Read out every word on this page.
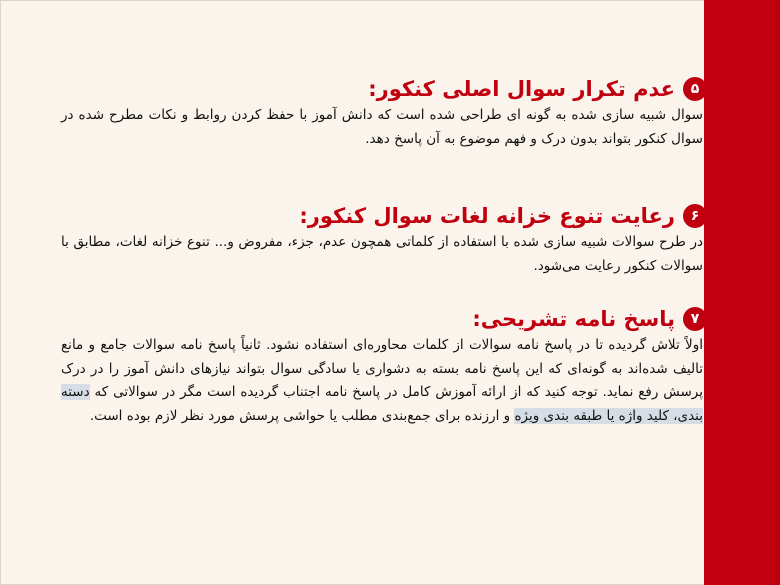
۵
عدم تکرار سوال اصلی کنکور:
سوال شبیه سازی شده به گونه ای طراحی شده است که دانش آموز با حفظ کردن روابط و نکات مطرح شده در سوال کنکور بتواند بدون درک و فهم موضوع به آن پاسخ دهد.
۶
رعایت تنوع خزانه لغات سوال کنکور:
در طرح سوالات شبیه سازی شده با استفاده از کلماتی همچون عدم، جزء، مفروض و... تنوع خزانه لغات، مطابق با سوالات کنکور رعایت می‌شود.
۷
پاسخ نامه تشریحی:
اولاً تلاش گردیده تا در پاسخ نامه سوالات از کلمات محاوره‌ای استفاده نشود. ثانیاً پاسخ نامه سوالات جامع و مانع تالیف شده‌اند به گونه‌ای که این پاسخ نامه بسته به دشواری یا سادگی سوال بتواند نیازهای دانش آموز را در درک پرسش رفع نماید. توجه کنید که از ارائه آموزش کامل در پاسخ نامه اجتناب گردیده است مگر در سوالاتی که دسته بندی، کلید واژه یا طبقه بندی ویژه و ارزنده برای جمع‌بندی مطلب یا حواشی پرسش مورد نظر لازم بوده است.
